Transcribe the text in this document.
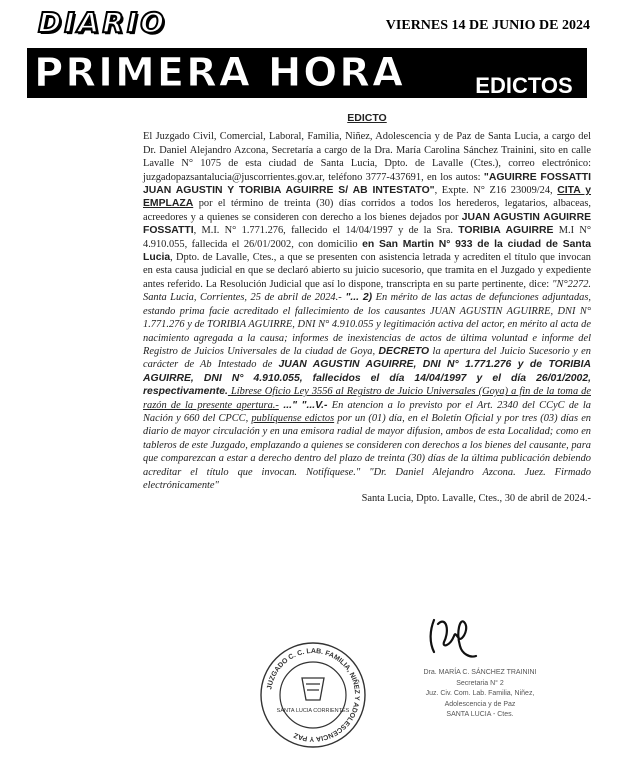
DIARIO
PRIMERA HORA
VIERNES 14 DE JUNIO DE 2024
EDICTOS
EDICTO

El Juzgado Civil, Comercial, Laboral, Familia, Niñez, Adolescencia y de Paz de Santa Lucia, a cargo del Dr. Daniel Alejandro Azcona, Secretaría a cargo de la Dra. María Carolina Sánchez Trainini, sito en calle Lavalle N° 1075 de esta ciudad de Santa Lucia, Dpto. de Lavalle (Ctes.), correo electrónico: juzgadopazsantalucia@juscorrientes.gov.ar, teléfono 3777-437691, en los autos: "AGUIRRE FOSSATTI JUAN AGUSTIN Y TORIBIA AGUIRRE S/ AB INTESTATO", Expte. N° Z16 23009/24, CITA y EMPLAZA por el término de treinta (30) días corridos a todos los herederos, legatarios, albaceas, acreedores y a quienes se consideren con derecho a los bienes dejados por JUAN AGUSTIN AGUIRRE FOSSATTI, M.I. N° 1.771.276, fallecido el 14/04/1997 y de la Sra. TORIBIA AGUIRRE M.I N° 4.910.055, fallecida el 26/01/2002, con domicilio en San Martin N° 933 de la ciudad de Santa Lucia, Dpto. de Lavalle, Ctes., a que se presenten con asistencia letrada y acrediten el título que invocan en esta causa judicial en que se declaró abierto su juicio sucesorio, que tramita en el Juzgado y expediente antes referido. La Resolución Judicial que así lo dispone, transcripta en su parte pertinente, dice: "N°2272. Santa Lucia, Corrientes, 25 de abril de 2024.- "... 2) En mérito de las actas de defunciones adjuntadas, estando prima facie acreditado el fallecimiento de los causantes JUAN AGUSTIN AGUIRRE, DNI N° 1.771.276 y de TORIBIA AGUIRRE, DNI N° 4.910.055 y legitimación activa del actor, en mérito al acta de nacimiento agregada a la causa; informes de inexistencias de actos de última voluntad e informe del Registro de Juicios Universales de la ciudad de Goya, DECRETO la apertura del Juicio Sucesorio y en carácter de Ab Intestado de JUAN AGUSTIN AGUIRRE, DNI N° 1.771.276 y de TORIBIA AGUIRRE, DNI N° 4.910.055, fallecidos el día 14/04/1997 y el día 26/01/2002, respectivamente. Líbrese Oficio Ley 3556 al Registro de Juicio Universales (Goya) a fin de la toma de razón de la presente apertura.- ..." "...V.- En atencion a lo previsto por el Art. 2340 del CCyC de la Nación y 660 del CPCC, publíquense edictos por un (01) día, en el Boletín Oficial y por tres (03) días en diario de mayor circulación y en una emisora radial de mayor difusion, ambos de esta Localidad; como en tableros de este Juzgado, emplazando a quienes se consideren con derechos a los bienes del causante, para que comparezcan a estar a derecho dentro del plazo de treinta (30) días de la última publicación debiendo acreditar el título que invocan. Notifíquese." "Dr. Daniel Alejandro Azcona. Juez. Firmado electrónicamente"

Santa Lucia, Dpto. Lavalle, Ctes., 30 de abril de 2024.-
JUZGADO C. C. LAB. FAMILIA, NIÑEZ Y ADOLESCENCIA Y PAZ
SANTA LUCIA CORRIENTES
Dra. MARÍA C. SÁNCHEZ TRAININI
Secretaria N° 2
Juz. Civ. Com. Lab. Familia, Niñez,
Adolescencia y de Paz
SANTA LUCIA - Ctes.
